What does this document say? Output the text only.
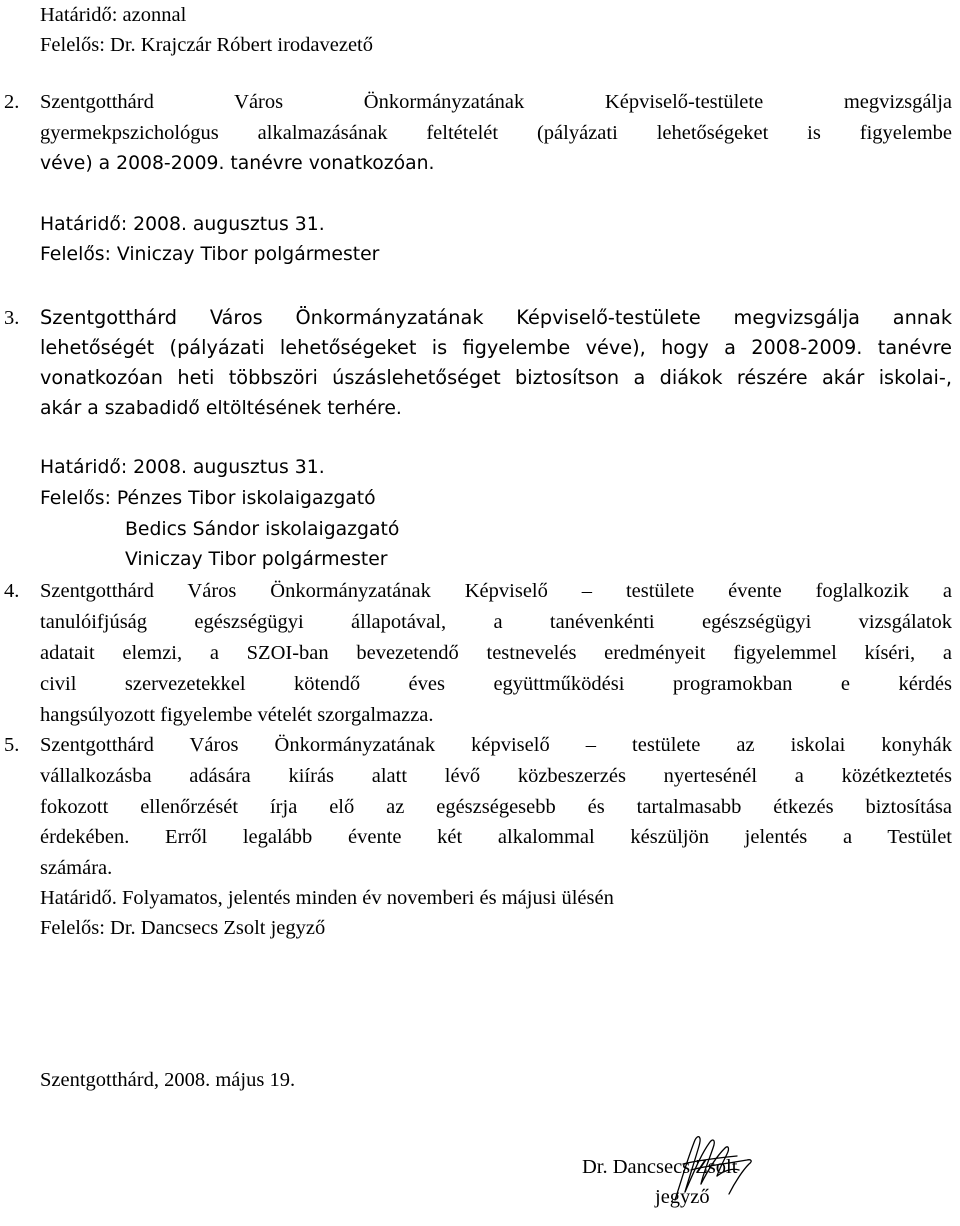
Határidő: azonnal
Felelős: Dr. Krajczár Róbert irodavezető
2.	Szentgotthárd Város Önkormányzatának Képviselő-testülete megvizsgálja
gyermekpszichológus alkalmazásának feltételét (pályázati lehetőségeket is figyelembe
véve) a 2008-2009. tanévre vonatkozóan.
Határidő: 2008. augusztus 31.
Felelős: Viniczay Tibor polgármester
3.	Szentgotthárd Város Önkormányzatának Képviselő-testülete megvizsgálja annak
lehetőségét (pályázati lehetőségeket is figyelembe véve), hogy a 2008-2009. tanévre
vonatkozóan heti többszöri úszáslehetőséget biztosítson a diákok részére akár iskolai-,
akár a szabadidő eltöltésének terhére.
Határidő: 2008. augusztus 31.
Felelős: Pénzes Tibor iskolaigazgató
Bedics Sándor iskolaigazgató
Viniczay Tibor polgármester
4.	Szentgotthárd Város Önkormányzatának Képviselő – testülete évente foglalkozik a
tanulóifjúság egészségügyi állapotával, a tanévenkénti egészségügyi vizsgálatok
adatait elemzi, a SZOI-ban bevezetendő testnevelés eredményeit figyelemmel kíséri, a
civil szervezetekkel kötendő éves együttműködési programokban e kérdés
hangsúlyozott figyelembe vételét szorgalmazza.
5.	Szentgotthárd Város Önkormányzatának képviselő – testülete az iskolai konyhák
vállalkozásba adására kiírás alatt lévő közbeszerzés nyertesénél a közétkeztetés
fokozott ellenőrzését írja elő az egészségesebb és tartalmasabb étkezés biztosítása
érdekében. Erről legalább évente két alkalommal készüljön jelentés a Testület
számára.
Határidő. Folyamatos, jelentés minden év novemberi és májusi ülésén
Felelős: Dr. Dancsecs Zsolt jegyző
Szentgotthárd, 2008. május 19.
Dr. Dancsecs Zsolt
jegyző
